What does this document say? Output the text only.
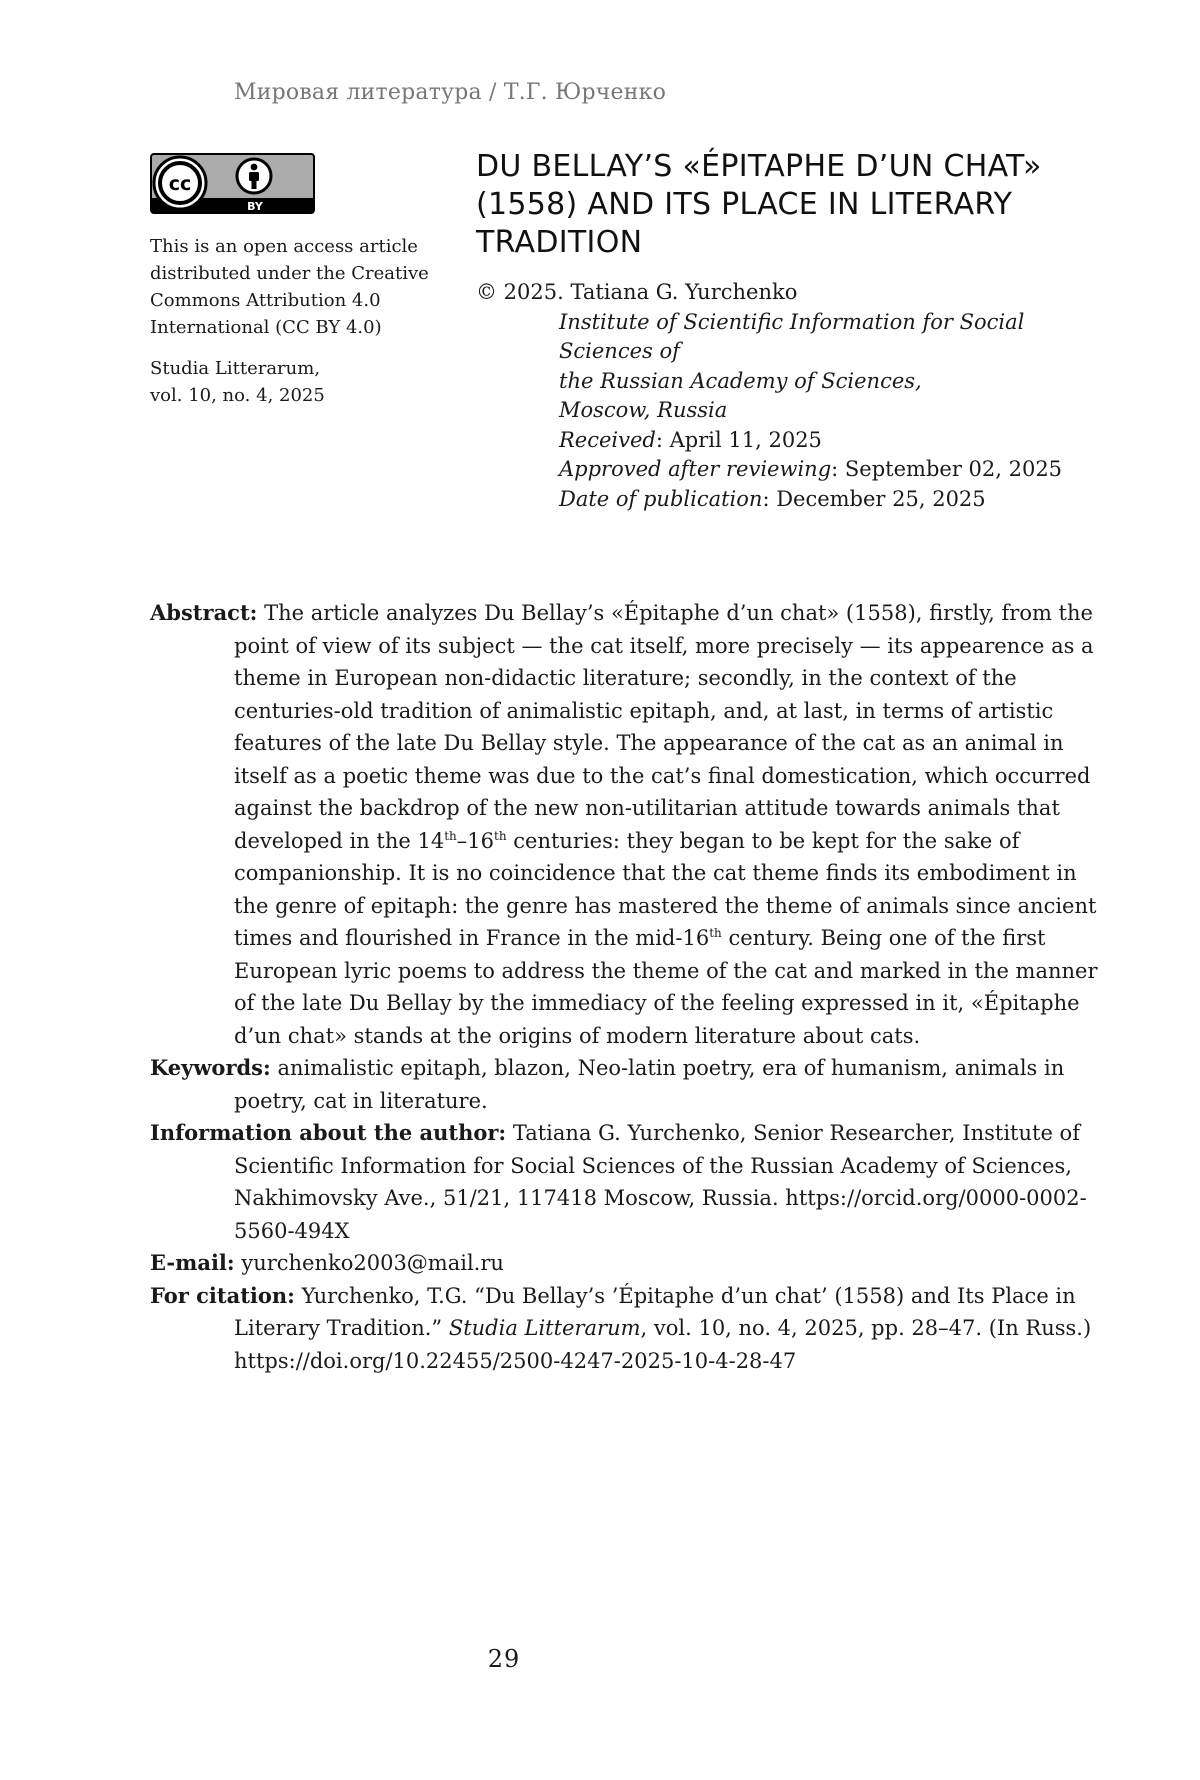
Мировая литература / Т.Г. Юрченко
cc
BY

This is an open access article

distributed under the Creative

Commons Attribution 4.0

International (CC BY 4.0)

Studia Litterarum,

vol. 10, no. 4, 2025

DU BELLAY’S «ÉPITAPHE D’UN CHAT»
(1558) AND ITS PLACE IN LITERARY
TRADITION

© 2025. Tatiana G. Yurchenko

Institute of Scientific Information for Social Sciences of
the Russian Academy of Sciences,
Moscow, Russia
Received: April 11, 2025
Approved after reviewing: September 02, 2025
Date of publication: December 25, 2025

Abstract: The article analyzes Du Bellay’s «Épitaphe d’un chat» (1558), firstly, from the point of view of its subject — the cat itself, more precisely — its appearence as a theme in European non-didactic literature; secondly, in the context of the centuries-old tradition of animalistic epitaph, and, at last, in terms of artistic features of the late Du Bellay style. The appearance of the cat as an animal in itself as a poetic theme was due to the cat’s final domestication, which occurred against the backdrop of the new non-utilitarian attitude towards animals that developed in the 14th–16th centuries: they began to be kept for the sake of companionship. It is no coincidence that the cat theme finds its embodiment in the genre of epitaph: the genre has mastered the theme of animals since ancient times and flourished in France in the mid-16th century. Being one of the first European lyric poems to address the theme of the cat and marked in the manner of the late Du Bellay by the immediacy of the feeling expressed in it, «Épitaphe d’un chat» stands at the origins of modern literature about cats.

Keywords: animalistic epitaph, blazon, Neo-latin poetry, era of humanism, animals in poetry, cat in literature.

Information about the author: Tatiana G. Yurchenko, Senior Researcher, Institute of Scientific Information for Social Sciences of the Russian Academy of Sciences, Nakhimovsky Ave., 51/21, 117418 Moscow, Russia. https://orcid.org/0000-0002-5560-494X

E-mail: yurchenko2003@mail.ru

For citation: Yurchenko, T.G. “Du Bellay’s ’Épitaphe d’un chat’ (1558) and Its Place in Literary Tradition.” Studia Litterarum, vol. 10, no. 4, 2025, pp. 28–47. (In Russ.) https://doi.org/10.22455/2500-4247-2025-10-4-28-47

29
